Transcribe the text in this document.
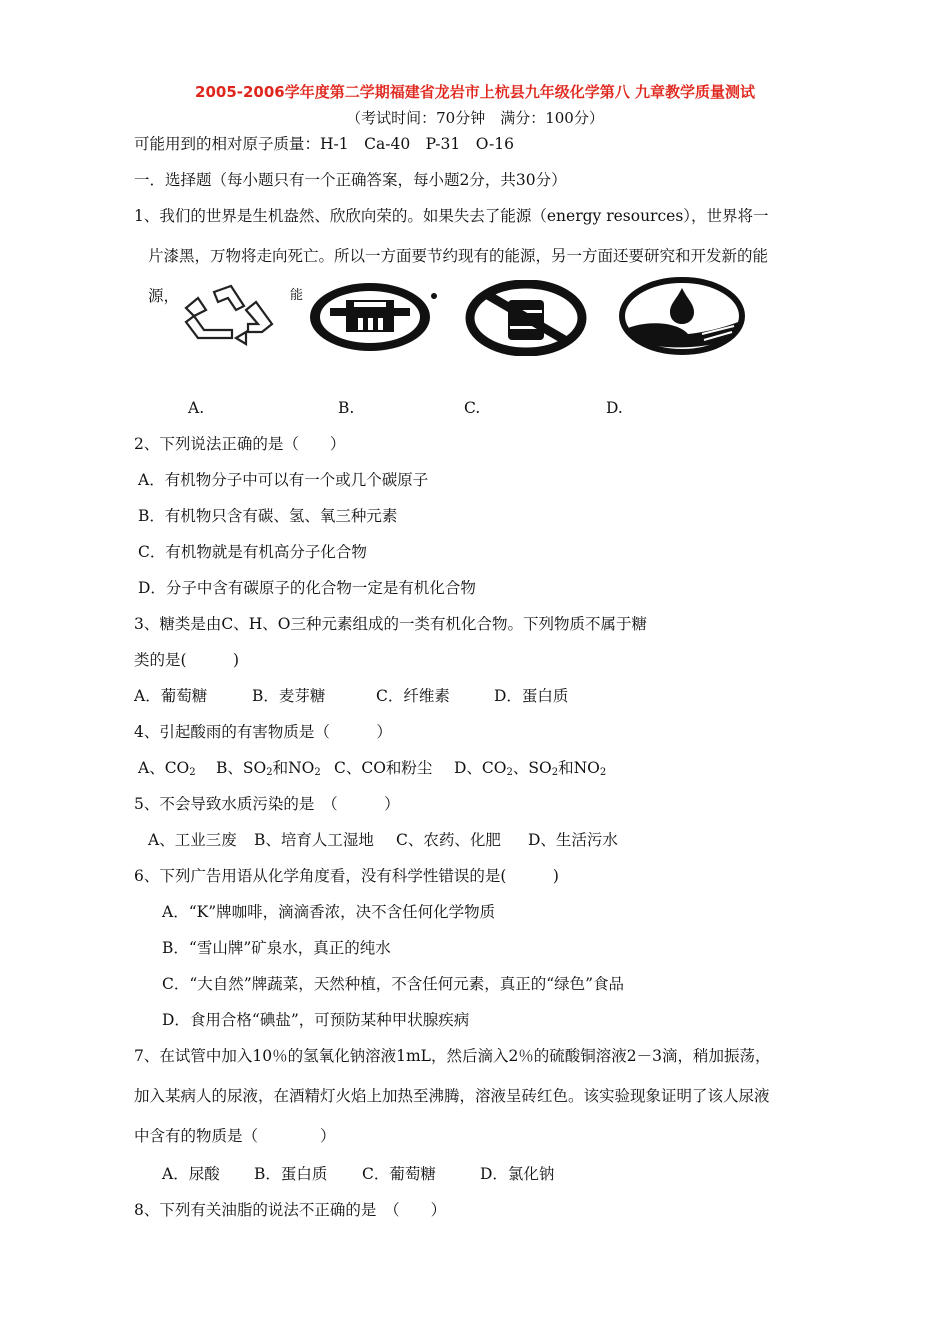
2005-2006学年度第二学期福建省龙岩市上杭县九年级化学第八 九章教学质量测试
（考试时间：70分钟　满分：100分）
可能用到的相对原子质量：H-1　Ca-40　P-31　O-16
一．选择题（每小题只有一个正确答案，每小题2分，共30分）
1、我们的世界是生机盎然、欣欣向荣的。如果失去了能源（energy resources），世界将一
片漆黑，万物将走向死亡。所以一方面要节约现有的能源，另一方面还要研究和开发新的能
源，	能
A.	B.	C.	D.
2、下列说法正确的是（　　）
A．有机物分子中可以有一个或几个碳原子
B．有机物只含有碳、氢、氧三种元素
C．有机物就是有机高分子化合物
D．分子中含有碳原子的化合物一定是有机化合物
3、糖类是由C、H、O三种元素组成的一类有机化合物。下列物质不属于糖
类的是(　　　)
A．葡萄糖	B．麦芽糖	C．纤维素	D．蛋白质
4、引起酸雨的有害物质是（　　　）
A、$CO_2$ B、$SO_2$和$NO_2$ C、CO和粉尘 D、$CO_2$、$SO_2$和$NO_2$
5、不会导致水质污染的是　（　　　）
A、工业三废 B、培育人工湿地 C、农药、化肥 D、生活污水
6、下列广告用语从化学角度看，没有科学性错误的是(　　　)
A．“K”牌咖啡，滴滴香浓，决不含任何化学物质
B．“雪山牌”矿泉水，真正的纯水
C．“大自然”牌蔬菜，天然种植，不含任何元素，真正的“绿色”食品
D．食用合格“碘盐”，可预防某种甲状腺疾病
7、在试管中加入10％的氢氧化钠溶液1mL，然后滴入2％的硫酸铜溶液2－3滴，稍加振荡，
加入某病人的尿液，在酒精灯火焰上加热至沸腾，溶液呈砖红色。该实验现象证明了该人尿液
中含有的物质是（　　　　）
A．尿酸 B．蛋白质 C．葡萄糖	D．氯化钠
8、下列有关油脂的说法不正确的是　（　　）
